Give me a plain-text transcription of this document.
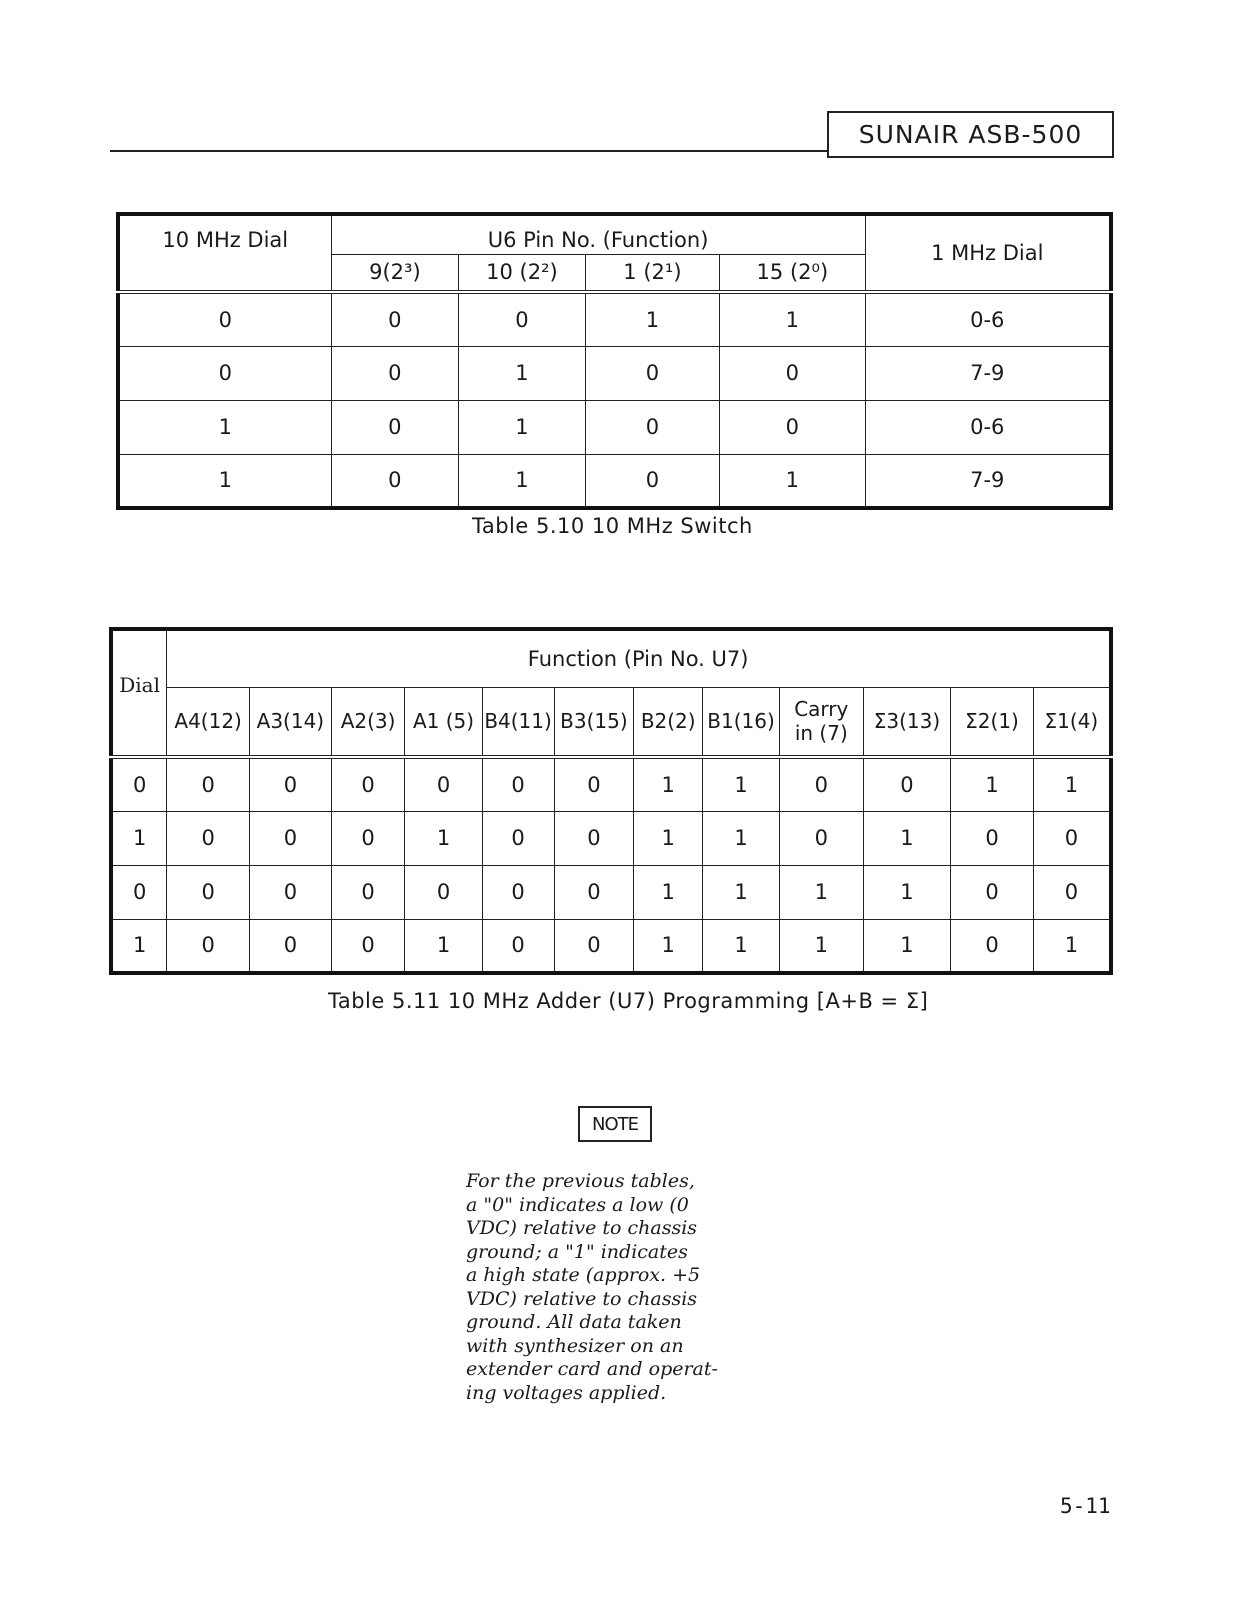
SUNAIR ASB-500
10 MHz Dial	U6 Pin No. (Function)				1 MHz Dial
	9(2³)	10 (2²)	1 (2¹)	15 (2⁰)	
0	0	0	1	1	0-6
0	0	1	0	0	7-9
1	0	1	0	0	0-6
1	0	1	0	1	7-9
Table 5.10 10 MHz Switch
Dial	Function (Pin No. U7)											
	A4(12)	A3(14)	A2(3)	A1 (5)	B4(11)	B3(15)	B2(2)	B1(16)	Carry in (7)	Σ3(13)	Σ2(1)	Σ1(4)
0	0	0	0	0	0	0	1	1	0	0	1	1
1	0	0	0	1	0	0	1	1	0	1	0	0
0	0	0	0	0	0	0	1	1	1	1	0	0
1	0	0	0	1	0	0	1	1	1	1	0	1
Table 5.11 10 MHz Adder (U7) Programming [A+B = Σ]
NOTE
For the previous tables,
a "0" indicates a low (0
VDC) relative to chassis
ground; a "1" indicates
a high state (approx. +5
VDC) relative to chassis
ground. All data taken
with synthesizer on an
extender card and operat-
ing voltages applied.
5-11
